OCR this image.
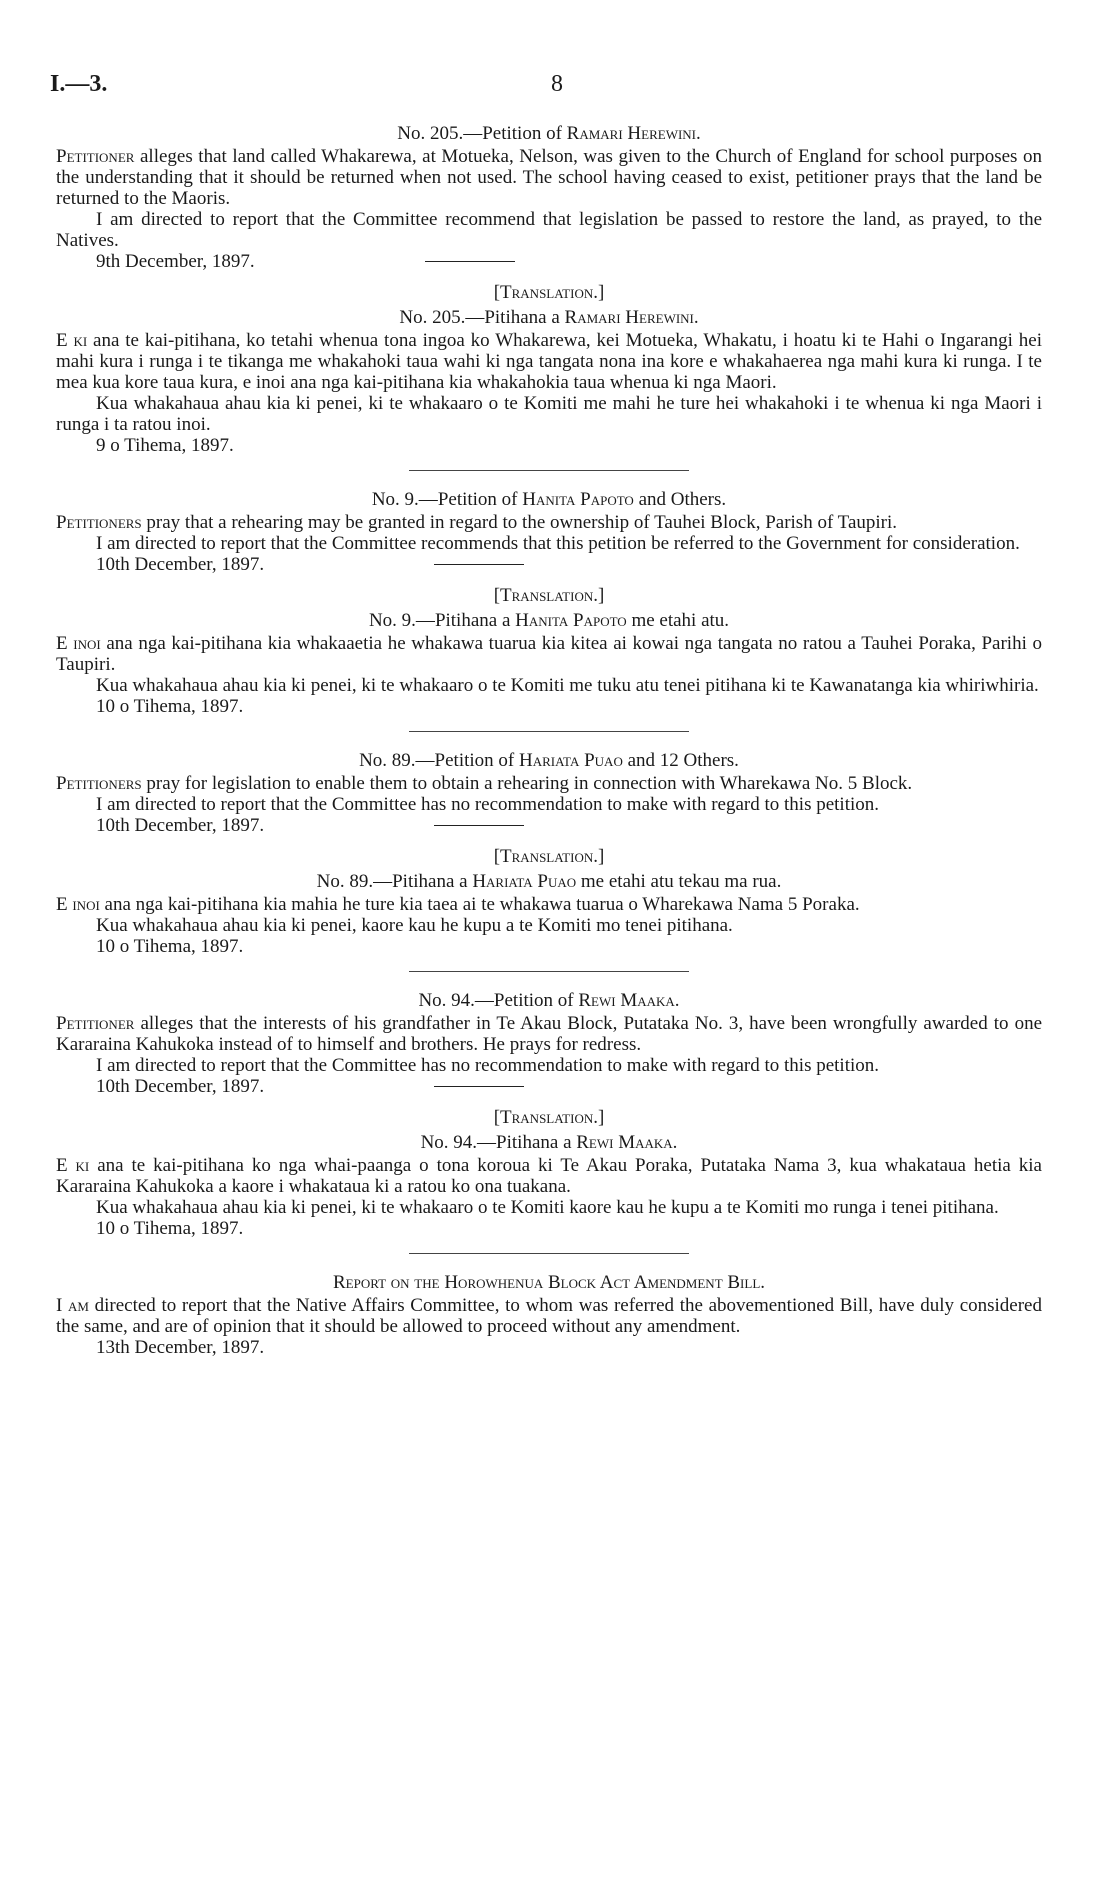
I.—3.	8
No. 205.—Petition of Ramari Herewini.

Petitioner alleges that land called Whakarewa, at Motueka, Nelson, was given to the Church of England for school purposes on the understanding that it should be returned when not used. The school having ceased to exist, petitioner prays that the land be returned to the Maoris.

I am directed to report that the Committee recommend that legislation be passed to restore the land, as prayed, to the Natives.

9th December, 1897.
[Translation.]
No. 205.—Pitihana a Ramari Herewini.

E ki ana te kai-pitihana, ko tetahi whenua tona ingoa ko Whakarewa, kei Motueka, Whakatu, i hoatu ki te Hahi o Ingarangi hei mahi kura i runga i te tikanga me whakahoki taua wahi ki nga tangata nona ina kore e whakahaerea nga mahi kura ki runga. I te mea kua kore taua kura, e inoi ana nga kai-pitihana kia whakahokia taua whenua ki nga Maori.

Kua whakahaua ahau kia ki penei, ki te whakaaro o te Komiti me mahi he ture hei whakahoki i te whenua ki nga Maori i runga i ta ratou inoi.

9 o Tihema, 1897.
No. 9.—Petition of Hanita Papoto and Others.

Petitioners pray that a rehearing may be granted in regard to the ownership of Tauhei Block, Parish of Taupiri.

I am directed to report that the Committee recommends that this petition be referred to the Government for consideration.

10th December, 1897.
[Translation.]
No. 9.—Pitihana a Hanita Papoto me etahi atu.

E inoi ana nga kai-pitihana kia whakaaetia he whakawa tuarua kia kitea ai kowai nga tangata no ratou a Tauhei Poraka, Parihi o Taupiri.

Kua whakahaua ahau kia ki penei, ki te whakaaro o te Komiti me tuku atu tenei pitihana ki te Kawanatanga kia whiriwhiria.

10 o Tihema, 1897.
No. 89.—Petition of Hariata Puao and 12 Others.

Petitioners pray for legislation to enable them to obtain a rehearing in connection with Wharekawa No. 5 Block.

I am directed to report that the Committee has no recommendation to make with regard to this petition.

10th December, 1897.
[Translation.]
No. 89.—Pitihana a Hariata Puao me etahi atu tekau ma rua.

E inoi ana nga kai-pitihana kia mahia he ture kia taea ai te whakawa tuarua o Wharekawa Nama 5 Poraka.

Kua whakahaua ahau kia ki penei, kaore kau he kupu a te Komiti mo tenei pitihana.

10 o Tihema, 1897.
No. 94.—Petition of Rewi Maaka.

Petitioner alleges that the interests of his grandfather in Te Akau Block, Putataka No. 3, have been wrongfully awarded to one Kararaina Kahukoka instead of to himself and brothers. He prays for redress.

I am directed to report that the Committee has no recommendation to make with regard to this petition.

10th December, 1897.
[Translation.]
No. 94.—Pitihana a Rewi Maaka.

E ki ana te kai-pitihana ko nga whai-paanga o tona koroua ki Te Akau Poraka, Putataka Nama 3, kua whakataua hetia kia Kararaina Kahukoka a kaore i whakataua ki a ratou ko ona tuakana.

Kua whakahaua ahau kia ki penei, ki te whakaaro o te Komiti kaore kau he kupu a te Komiti mo runga i tenei pitihana.

10 o Tihema, 1897.
Report on the Horowhenua Block Act Amendment Bill.

I am directed to report that the Native Affairs Committee, to whom was referred the abovementioned Bill, have duly considered the same, and are of opinion that it should be allowed to proceed without any amendment.

13th December, 1897.
